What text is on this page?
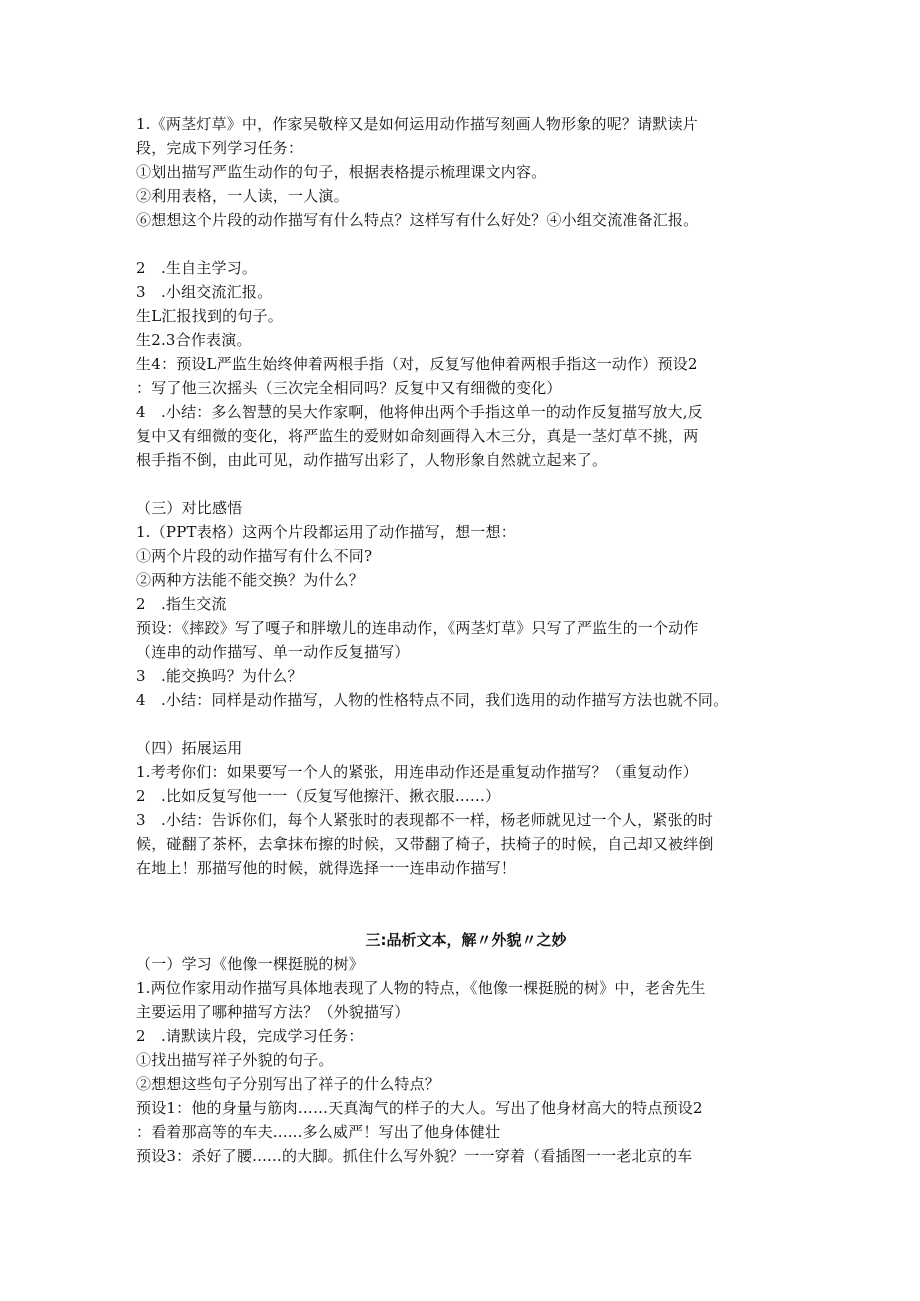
1.《两茎灯草》中，作家吴敬梓又是如何运用动作描写刻画人物形象的呢？请默读片
段，完成下列学习任务：
①划出描写严监生动作的句子，根据表格提示梳理课文内容。
②利用表格，一人读，一人演。
⑥想想这个片段的动作描写有什么特点？这样写有什么好处？④小组交流准备汇报。
2　.生自主学习。
3　.小组交流汇报。
生L汇报找到的句子。
生2.3合作表演。
生4：预设L严监生始终伸着两根手指（对，反复写他伸着两根手指这一动作）预设2
：写了他三次摇头（三次完全相同吗？反复中又有细微的变化）
4　.小结：多么智慧的吴大作家啊，他将伸出两个手指这单一的动作反复描写放大,反
复中又有细微的变化，将严监生的爱财如命刻画得入木三分，真是一茎灯草不挑，两
根手指不倒，由此可见，动作描写出彩了，人物形象自然就立起来了。
（三）对比感悟
1.（PPT表格）这两个片段都运用了动作描写，想一想：
①两个片段的动作描写有什么不同?
②两种方法能不能交换？为什么？
2　.指生交流
预设：《摔跤》写了嘎子和胖墩儿的连串动作，《两茎灯草》只写了严监生的一个动作
（连串的动作描写、单一动作反复描写）
3　.能交换吗？为什么？
4　.小结：同样是动作描写，人物的性格特点不同，我们选用的动作描写方法也就不同。
（四）拓展运用
1.考考你们：如果要写一个人的紧张，用连串动作还是重复动作描写？（重复动作）
2　.比如反复写他一一（反复写他擦汗、揪衣服……）
3　.小结：告诉你们，每个人紧张时的表现都不一样，杨老师就见过一个人，紧张的时
候，碰翻了茶杯，去拿抹布擦的时候，又带翻了椅子，扶椅子的时候，自己却又被绊倒
在地上！那描写他的时候，就得选择一一连串动作描写！
三:品析文本，解〃外貌〃之妙
（一）学习《他像一棵挺脱的树》
1.两位作家用动作描写具体地表现了人物的特点，《他像一棵挺脱的树》中，老舍先生
主要运用了哪种描写方法？（外貌描写）
2　.请默读片段，完成学习任务：
①找出描写祥子外貌的句子。
②想想这些句子分别写出了祥子的什么特点？
预设1：他的身量与筋肉……天真淘气的样子的大人。写出了他身材高大的特点预设2
：看着那高等的车夫......多么威严！写出了他身体健壮
预设3：杀好了腰......的大脚。抓住什么写外貌？一一穿着（看插图一一老北京的车
